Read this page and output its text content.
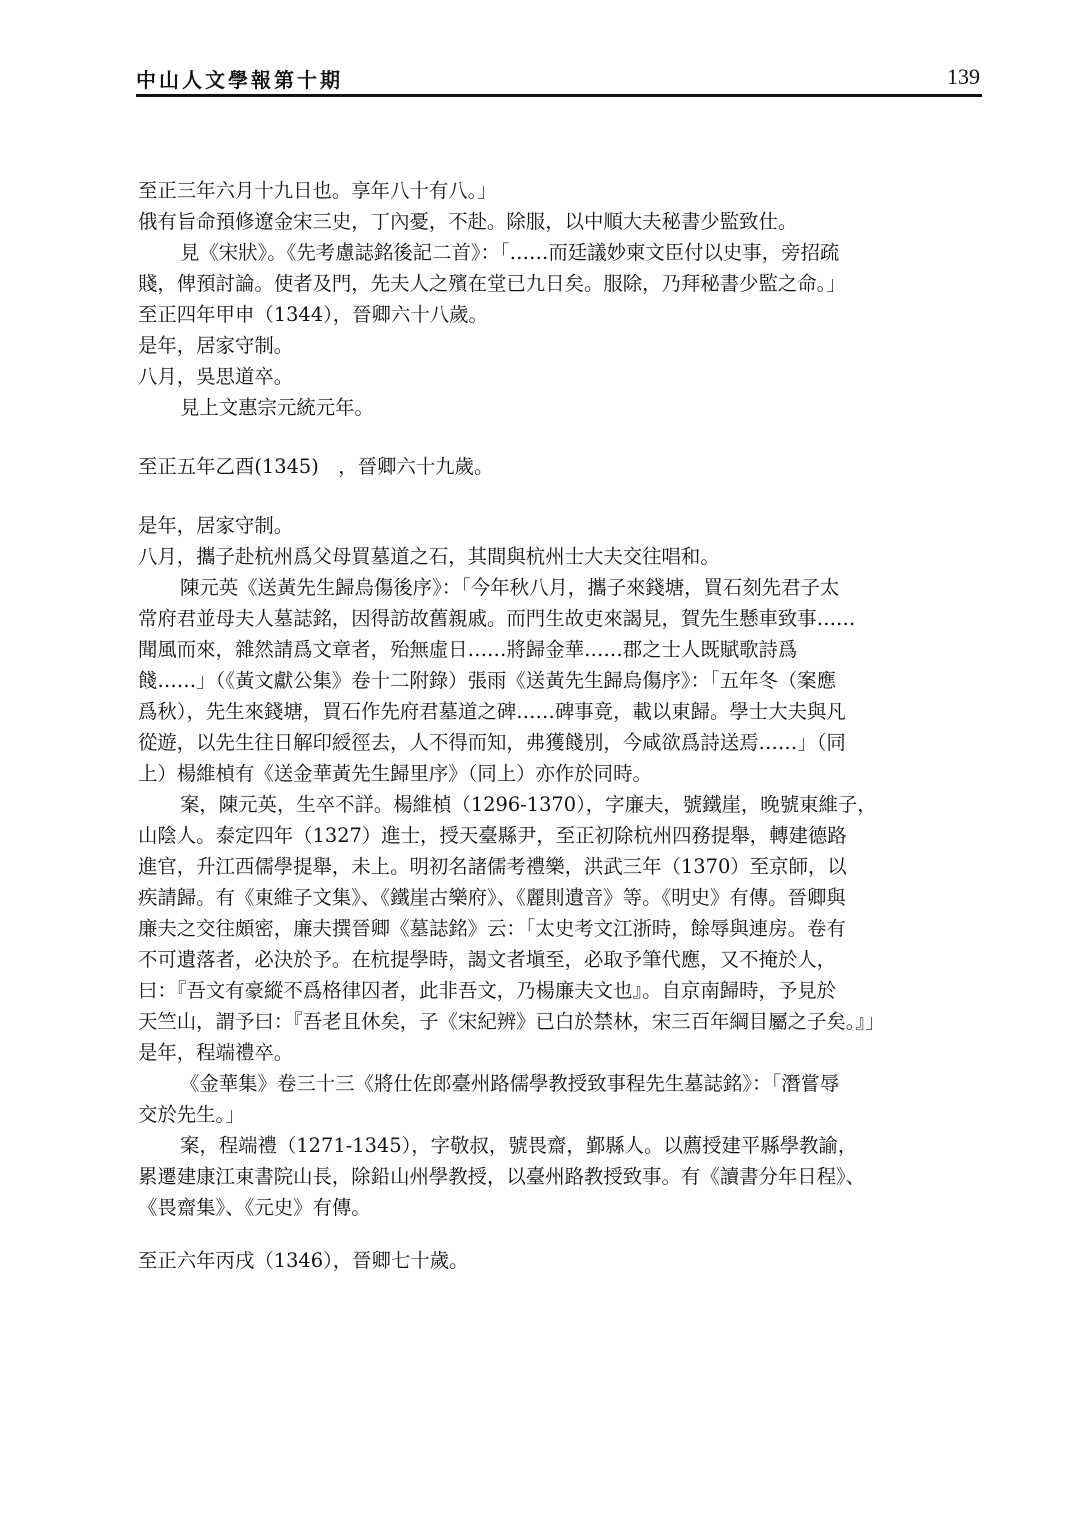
中山人文學報第十期	139

至正三年六月十九日也。享年八十有八。」

俄有旨命預修遼金宋三史，丁內憂，不赴。除服，以中順大夫秘書少監致仕。

見《宋狀》。《先考慮誌銘後記二首》：「……而廷議妙柬文臣付以史事，旁招疏

賤，俾預討論。使者及門，先夫人之殯在堂已九日矣。服除，乃拜秘書少監之命。」

至正四年甲申（1344），晉卿六十八歲。

是年，居家守制。

八月，吳思道卒。

見上文惠宗元統元年。

至正五年乙酉(1345)　，晉卿六十九歲。

是年，居家守制。

八月，攜子赴杭州爲父母買墓道之石，其間與杭州士大夫交往唱和。

陳元英《送黃先生歸烏傷後序》：「今年秋八月，攜子來錢塘，買石刻先君子太

常府君並母夫人墓誌銘，因得訪故舊親戚。而門生故吏來謁見，賀先生懸車致事……

聞風而來，雜然請爲文章者，殆無虛日……將歸金華……郡之士人既賦歌詩爲

餞……」（《黃文獻公集》卷十二附錄）張雨《送黃先生歸烏傷序》：「五年冬（案應

爲秋），先生來錢塘，買石作先府君墓道之碑……碑事竟，載以東歸。學士大夫與凡

從遊，以先生往日解印綬徑去，人不得而知，弗獲餞別，今咸欲爲詩送焉……」（同

上）楊維楨有《送金華黃先生歸里序》（同上）亦作於同時。

案，陳元英，生卒不詳。楊維楨（1296-1370），字廉夫，號鐵崖，晚號東維子，

山陰人。泰定四年（1327）進士，授天臺縣尹，至正初除杭州四務提舉，轉建德路

進官，升江西儒學提舉，未上。明初名諸儒考禮樂，洪武三年（1370）至京師，以

疾請歸。有《東維子文集》、《鐵崖古樂府》、《麗則遺音》等。《明史》有傳。晉卿與

廉夫之交往頗密，廉夫撰晉卿《墓誌銘》云：「太史考文江浙時，餘辱與連房。卷有

不可遺落者，必決於予。在杭提學時，謁文者塡至，必取予筆代應，又不掩於人，

曰：『吾文有豪縱不爲格律囚者，此非吾文，乃楊廉夫文也』。自京南歸時，予見於

天竺山，謂予曰：『吾老且休矣，子《宋紀辨》已白於禁林，宋三百年綱目屬之子矣。』」

是年，程端禮卒。

《金華集》卷三十三《將仕佐郎臺州路儒學教授致事程先生墓誌銘》：「潛嘗辱

交於先生。」

案，程端禮（1271-1345），字敬叔，號畏齋，鄞縣人。以薦授建平縣學教諭，

累遷建康江東書院山長，除鉛山州學教授，以臺州路教授致事。有《讀書分年日程》、

《畏齋集》、《元史》有傳。

至正六年丙戌（1346），晉卿七十歲。
